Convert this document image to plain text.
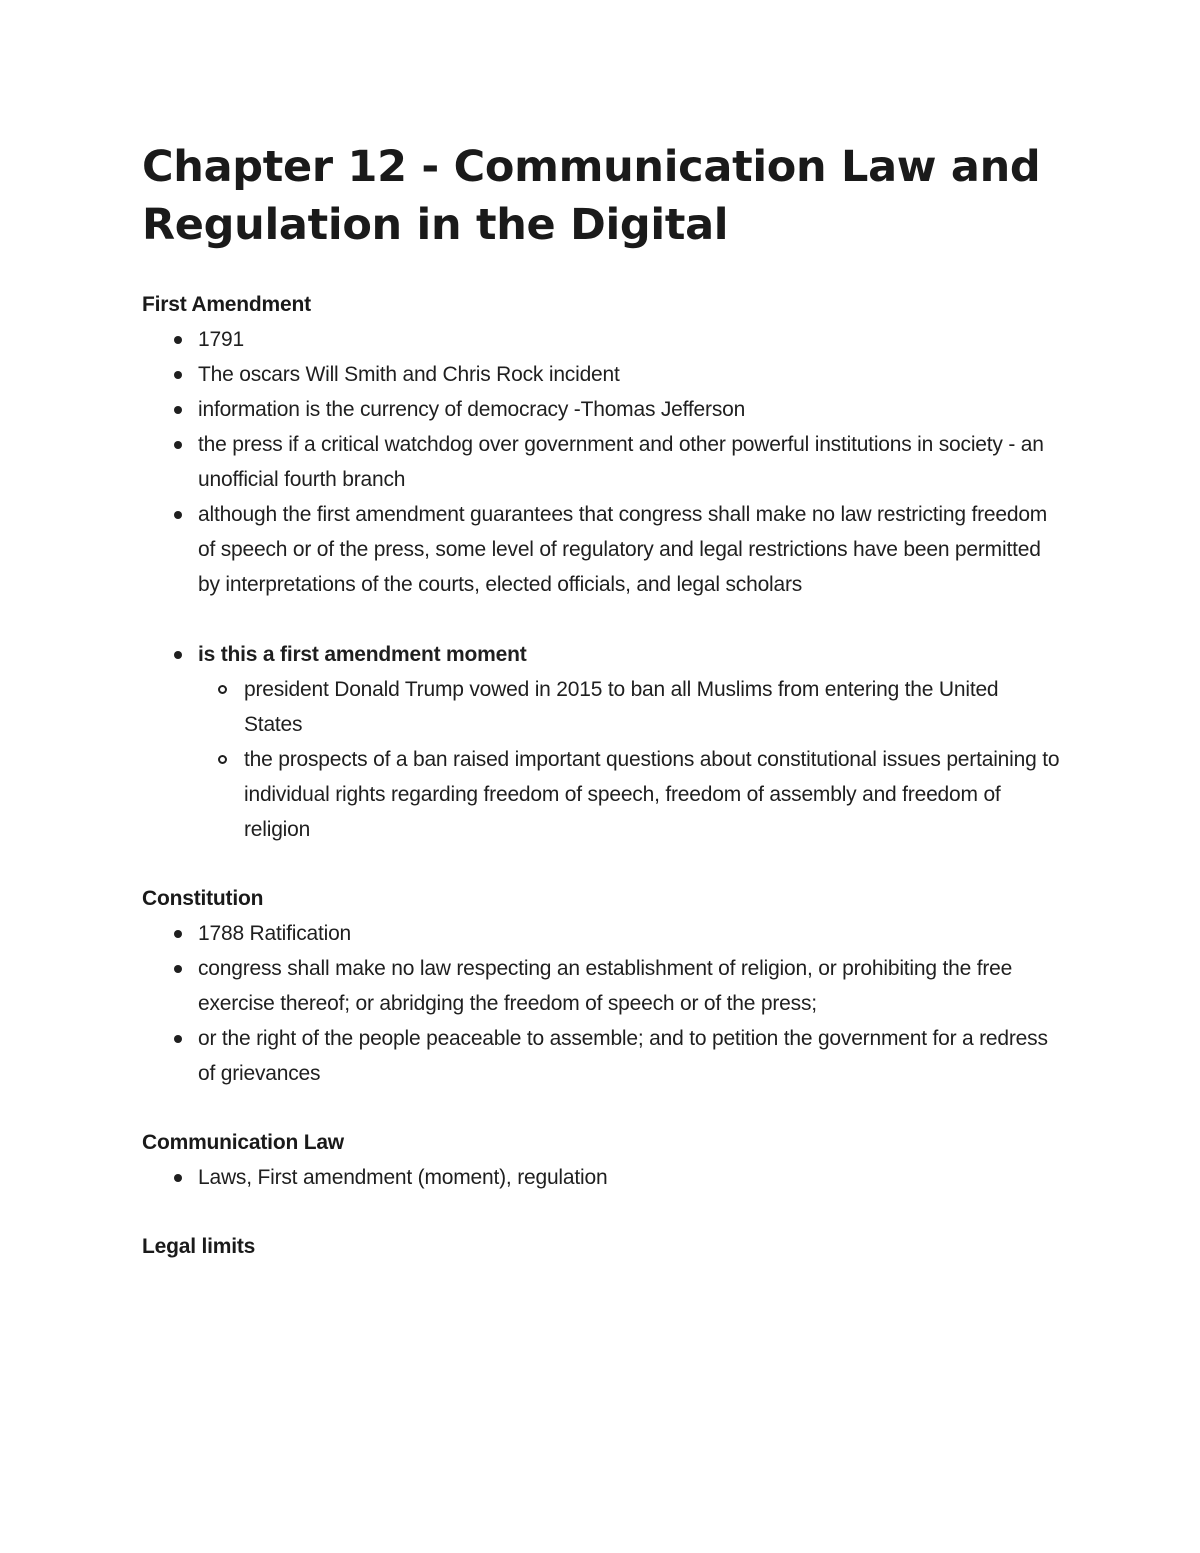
Chapter 12 - Communication Law and Regulation in the Digital
First Amendment
1791
The oscars Will Smith and Chris Rock incident
information is the currency of democracy -Thomas Jefferson
the press if a critical watchdog over government and other powerful institutions in society - an unofficial fourth branch
although the first amendment guarantees that congress shall make no law restricting freedom of speech or of the press, some level of regulatory and legal restrictions have been permitted by interpretations of the courts, elected officials, and legal scholars
is this a first amendment moment
president Donald Trump vowed in 2015 to ban all Muslims from entering the United States
the prospects of a ban raised important questions about constitutional issues pertaining to individual rights regarding freedom of speech, freedom of assembly and freedom of religion
Constitution
1788 Ratification
congress shall make no law respecting an establishment of religion, or prohibiting the free exercise thereof; or abridging the freedom of speech or of the press;
or the right of the people peaceable to assemble; and to petition the government for a redress of grievances
Communication Law
Laws, First amendment (moment), regulation
Legal limits
